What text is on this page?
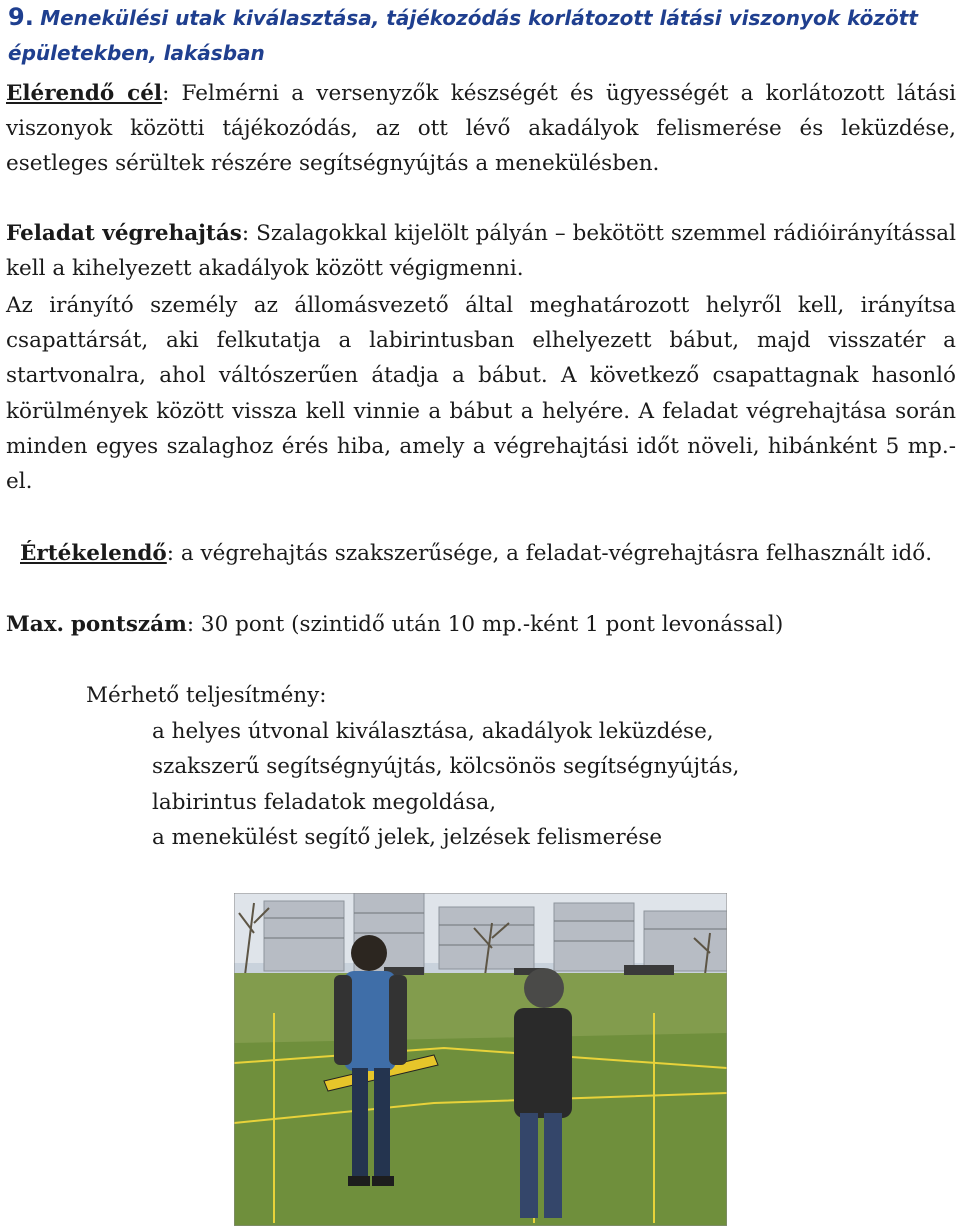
9. Menekülési utak kiválasztása, tájékozódás korlátozott látási viszonyok között épületekben, lakásban
Elérendő cél: Felmérni a versenyzők készségét és ügyességét a korlátozott látási viszonyok közötti tájékozódás, az ott lévő akadályok felismerése és leküzdése, esetleges sérültek részére segítségnyújtás a menekülésben.
Feladat végrehajtás: Szalagokkal kijelölt pályán – bekötött szemmel rádióirányítással kell a kihelyezett akadályok között végigmenni.
Az irányító személy az állomásvezető által meghatározott helyről kell, irányítsa csapattársát, aki felkutatja a labirintusban elhelyezett bábut, majd visszatér a startvonalra, ahol váltószerűen átadja a bábut. A következő csapattagnak hasonló körülmények között vissza kell vinnie a bábut a helyére. A feladat végrehajtása során minden egyes szalaghoz érés hiba, amely a végrehajtási időt növeli, hibánként 5 mp.-el.
Értékelendő: a végrehajtás szakszerűsége, a feladat-végrehajtásra felhasznált idő.
Max. pontszám: 30 pont (szintidő után 10 mp.-ként 1 pont levonással)
Mérhető teljesítmény:
a helyes útvonal kiválasztása, akadályok leküzdése,
szakszerű segítségnyújtás, kölcsönös segítségnyújtás,
labirintus feladatok megoldása,
a menekülést segítő jelek, jelzések felismerése
